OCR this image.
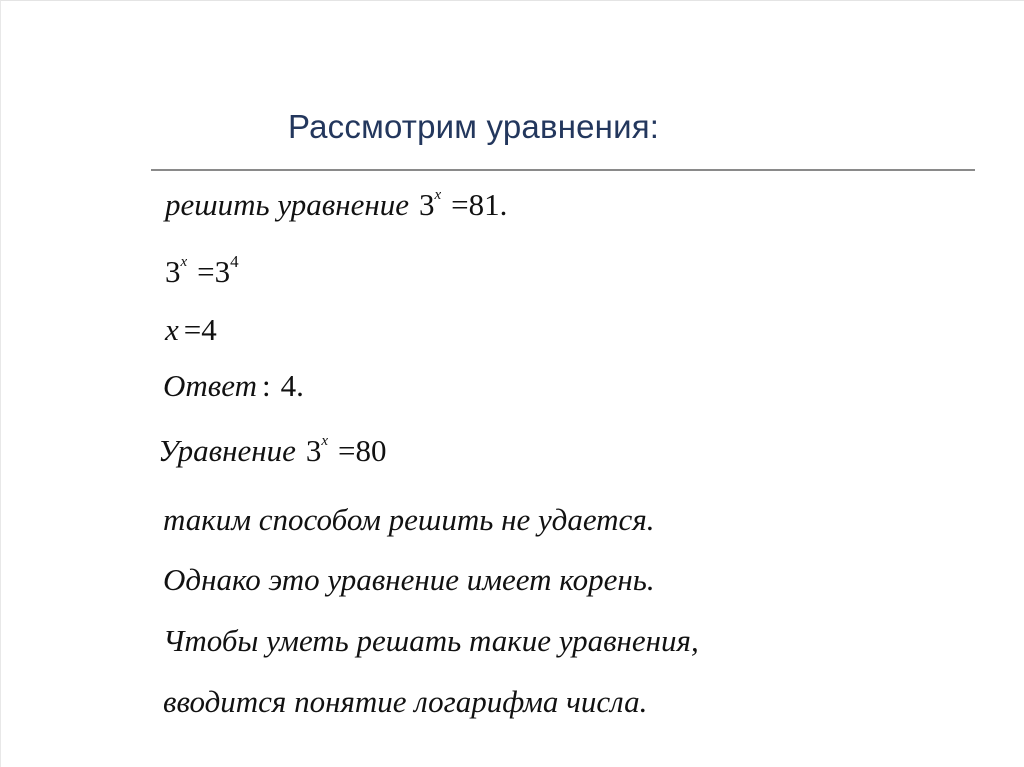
Рассмотрим уравнения:
решить уравнение $3^x =81$.
$3^x =3^4$
x =4
Ответ : 4.
Уравнение $3^x =80$
таким способом решить не удается.
Однако это уравнение имеет корень.
Чтобы уметь решать такие уравнения,
вводится понятие логарифма числа.
